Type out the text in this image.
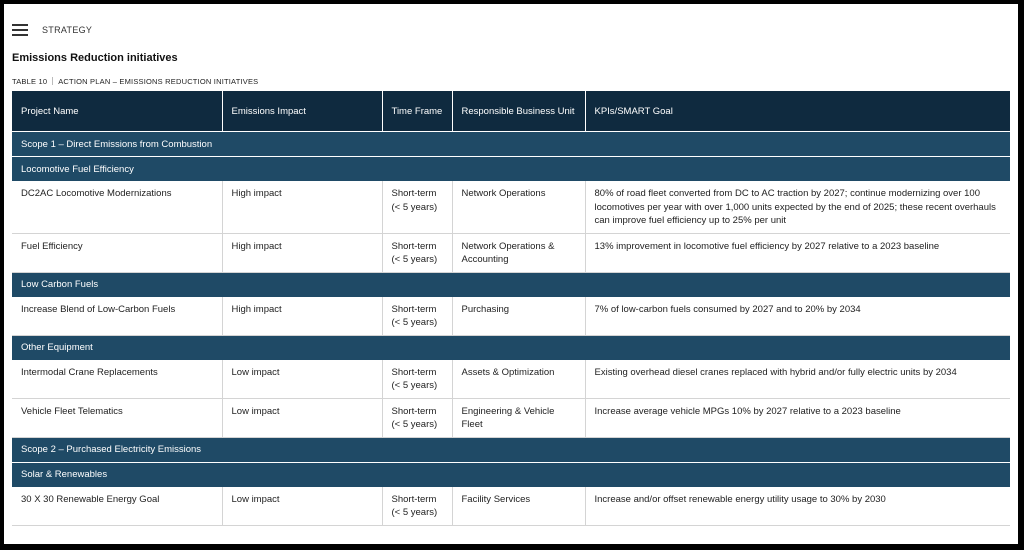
STRATEGY
Emissions Reduction initiatives
TABLE 10 ACTION PLAN – EMISSIONS REDUCTION INITIATIVES
Project Name	Emissions Impact	Time Frame	Responsible Business Unit	KPIs/SMART Goal
Scope 1 – Direct Emissions from Combustion				
Locomotive Fuel Efficiency				
DC2AC Locomotive Modernizations	High impact	Short-term (< 5 years)	Network Operations	80% of road fleet converted from DC to AC traction by 2027; continue modernizing over 100 locomotives per year with over 1,000 units expected by the end of 2025; these recent overhauls can improve fuel efficiency up to 25% per unit
Fuel Efficiency	High impact	Short-term (< 5 years)	Network Operations & Accounting	13% improvement in locomotive fuel efficiency by 2027 relative to a 2023 baseline
Low Carbon Fuels				
Increase Blend of Low-Carbon Fuels	High impact	Short-term (< 5 years)	Purchasing	7% of low-carbon fuels consumed by 2027 and to 20% by 2034
Other Equipment				
Intermodal Crane Replacements	Low impact	Short-term (< 5 years)	Assets & Optimization	Existing overhead diesel cranes replaced with hybrid and/or fully electric units by 2034
Vehicle Fleet Telematics	Low impact	Short-term (< 5 years)	Engineering & Vehicle Fleet	Increase average vehicle MPGs 10% by 2027 relative to a 2023 baseline
Scope 2 – Purchased Electricity Emissions				
Solar & Renewables				
30 X 30 Renewable Energy Goal	Low impact	Short-term (< 5 years)	Facility Services	Increase and/or offset renewable energy utility usage to 30% by 2030
